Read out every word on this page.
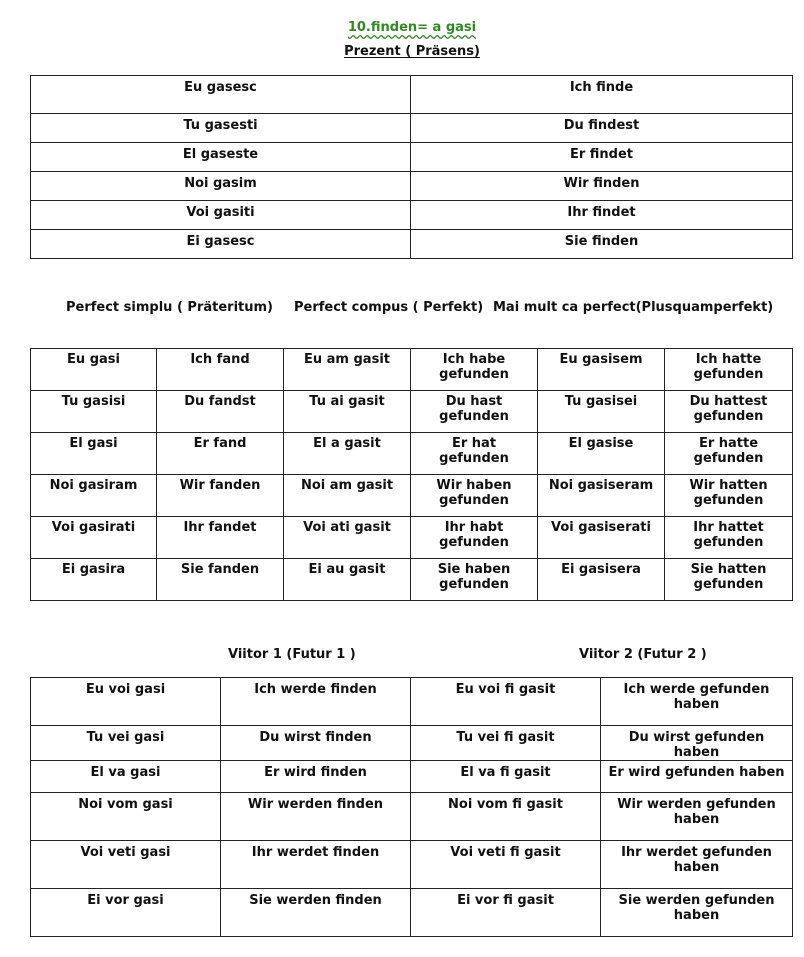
10.finden= a gasi
Prezent ( Präsens)
Eu gasesc	Ich finde
Tu gasesti	Du findest
El gaseste	Er findet
Noi gasim	Wir finden
Voi gasiti	Ihr findet
Ei gasesc	Sie finden
Perfect simplu ( Präteritum) Perfect compus ( Perfekt) Mai mult ca perfect(Plusquamperfekt)
Eu gasi	Ich fand	Eu am gasit	Ich habe gefunden	Eu gasisem	Ich hatte gefunden
Tu gasisi	Du fandst	Tu ai gasit	Du hast gefunden	Tu gasisei	Du hattest gefunden
El gasi	Er fand	El a gasit	Er hat gefunden	El gasise	Er hatte gefunden
Noi gasiram	Wir fanden	Noi am gasit	Wir haben gefunden	Noi gasiseram	Wir hatten gefunden
Voi gasirati	Ihr fandet	Voi ati gasit	Ihr habt gefunden	Voi gasiserati	Ihr hattet gefunden
Ei gasira	Sie fanden	Ei au gasit	Sie haben gefunden	Ei gasisera	Sie hatten gefunden
Viitor 1 (Futur 1 )	Viitor 2 (Futur 2 )
Eu voi gasi	Ich werde finden	Eu voi fi gasit	Ich werde gefunden haben
Tu vei gasi	Du wirst finden	Tu vei fi gasit	Du wirst gefunden haben
El va gasi	Er wird finden	El va fi gasit	Er wird gefunden haben
Noi vom gasi	Wir werden finden	Noi vom fi gasit	Wir werden gefunden haben
Voi veti gasi	Ihr werdet finden	Voi veti fi gasit	Ihr werdet gefunden haben
Ei vor gasi	Sie werden finden	Ei vor fi gasit	Sie werden gefunden haben
